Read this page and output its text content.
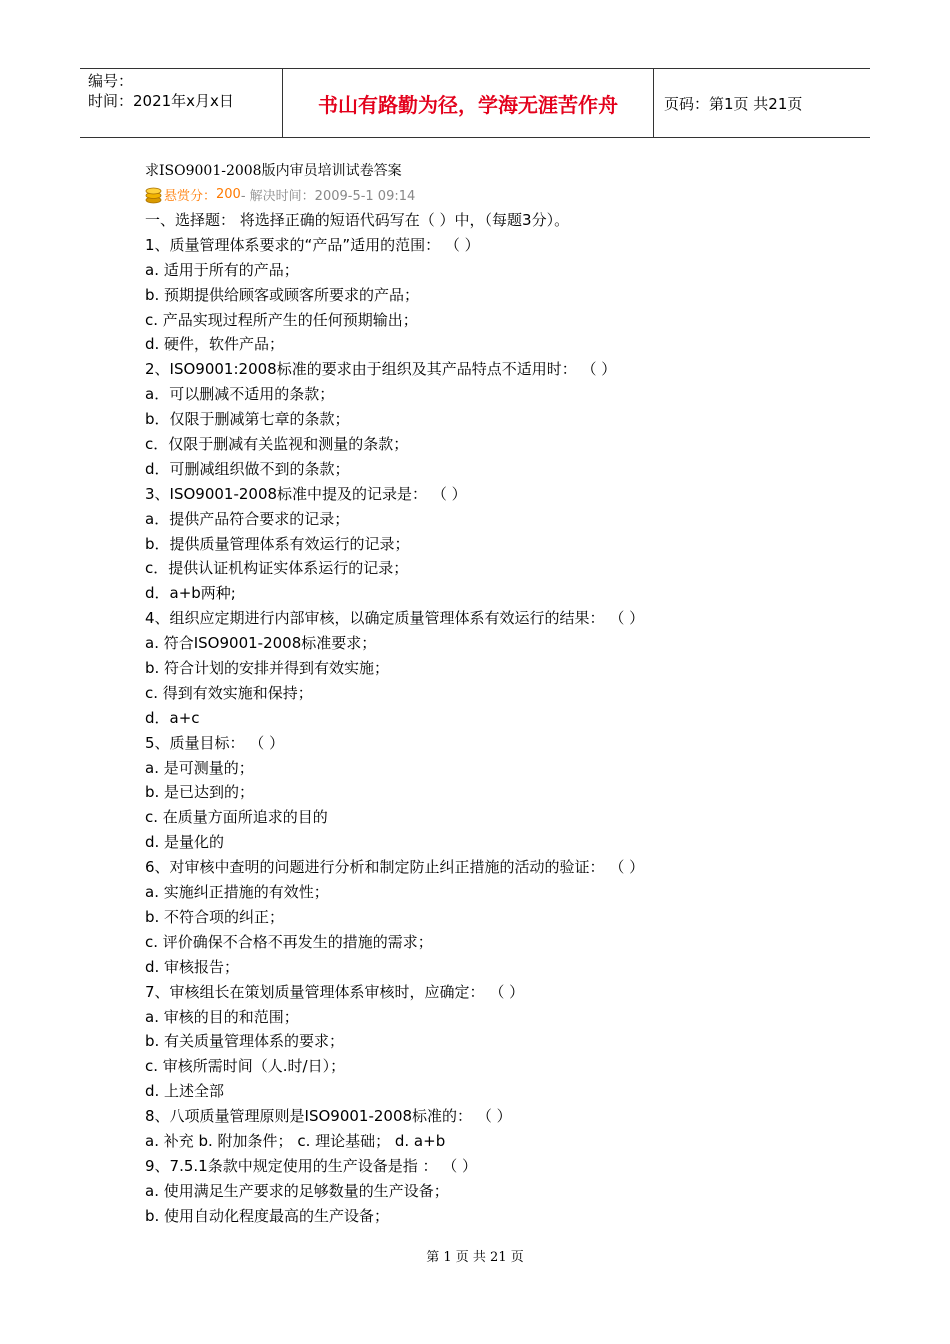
编号：
时间：2021年x月x日	书山有路勤为径，学海无涯苦作舟	页码：第1页 共21页
求ISO9001-2008版内审员培训试卷答案
悬赏分： 200 - 解决时间：2009-5-1 09:14
一、选择题： 将选择正确的短语代码写在（ ）中，（每题3分）。
1、质量管理体系要求的“产品”适用的范围： （ ）
a. 适用于所有的产品；
b. 预期提供给顾客或顾客所要求的产品；
c. 产品实现过程所产生的任何预期输出；
d. 硬件，软件产品；
2、ISO9001:2008标准的要求由于组织及其产品特点不适用时： （ ）
a．可以删减不适用的条款；
b．仅限于删减第七章的条款；
c．仅限于删减有关监视和测量的条款；
d．可删减组织做不到的条款；
3、ISO9001-2008标准中提及的记录是： （ ）
a．提供产品符合要求的记录；
b．提供质量管理体系有效运行的记录；
c．提供认证机构证实体系运行的记录；
d．a+b两种;
4、组织应定期进行内部审核，以确定质量管理体系有效运行的结果： （ ）
a. 符合ISO9001-2008标准要求；
b. 符合计划的安排并得到有效实施；
c. 得到有效实施和保持；
d．a+c
5、质量目标： （ ）
a. 是可测量的；
b. 是已达到的；
c. 在质量方面所追求的目的
d. 是量化的
6、对审核中查明的问题进行分析和制定防止纠正措施的活动的验证： （ ）
a. 实施纠正措施的有效性；
b. 不符合项的纠正；
c. 评价确保不合格不再发生的措施的需求；
d. 审核报告；
7、审核组长在策划质量管理体系审核时，应确定： （ ）
a. 审核的目的和范围；
b. 有关质量管理体系的要求；
c. 审核所需时间（人.时/日）；
d. 上述全部
8、八项质量管理原则是ISO9001-2008标准的： （ ）
a. 补充 b. 附加条件； c. 理论基础； d. a+b
9、7.5.1条款中规定使用的生产设备是指 ： （ ）
a. 使用满足生产要求的足够数量的生产设备；
b. 使用自动化程度最高的生产设备；
第 1 页 共 21 页
